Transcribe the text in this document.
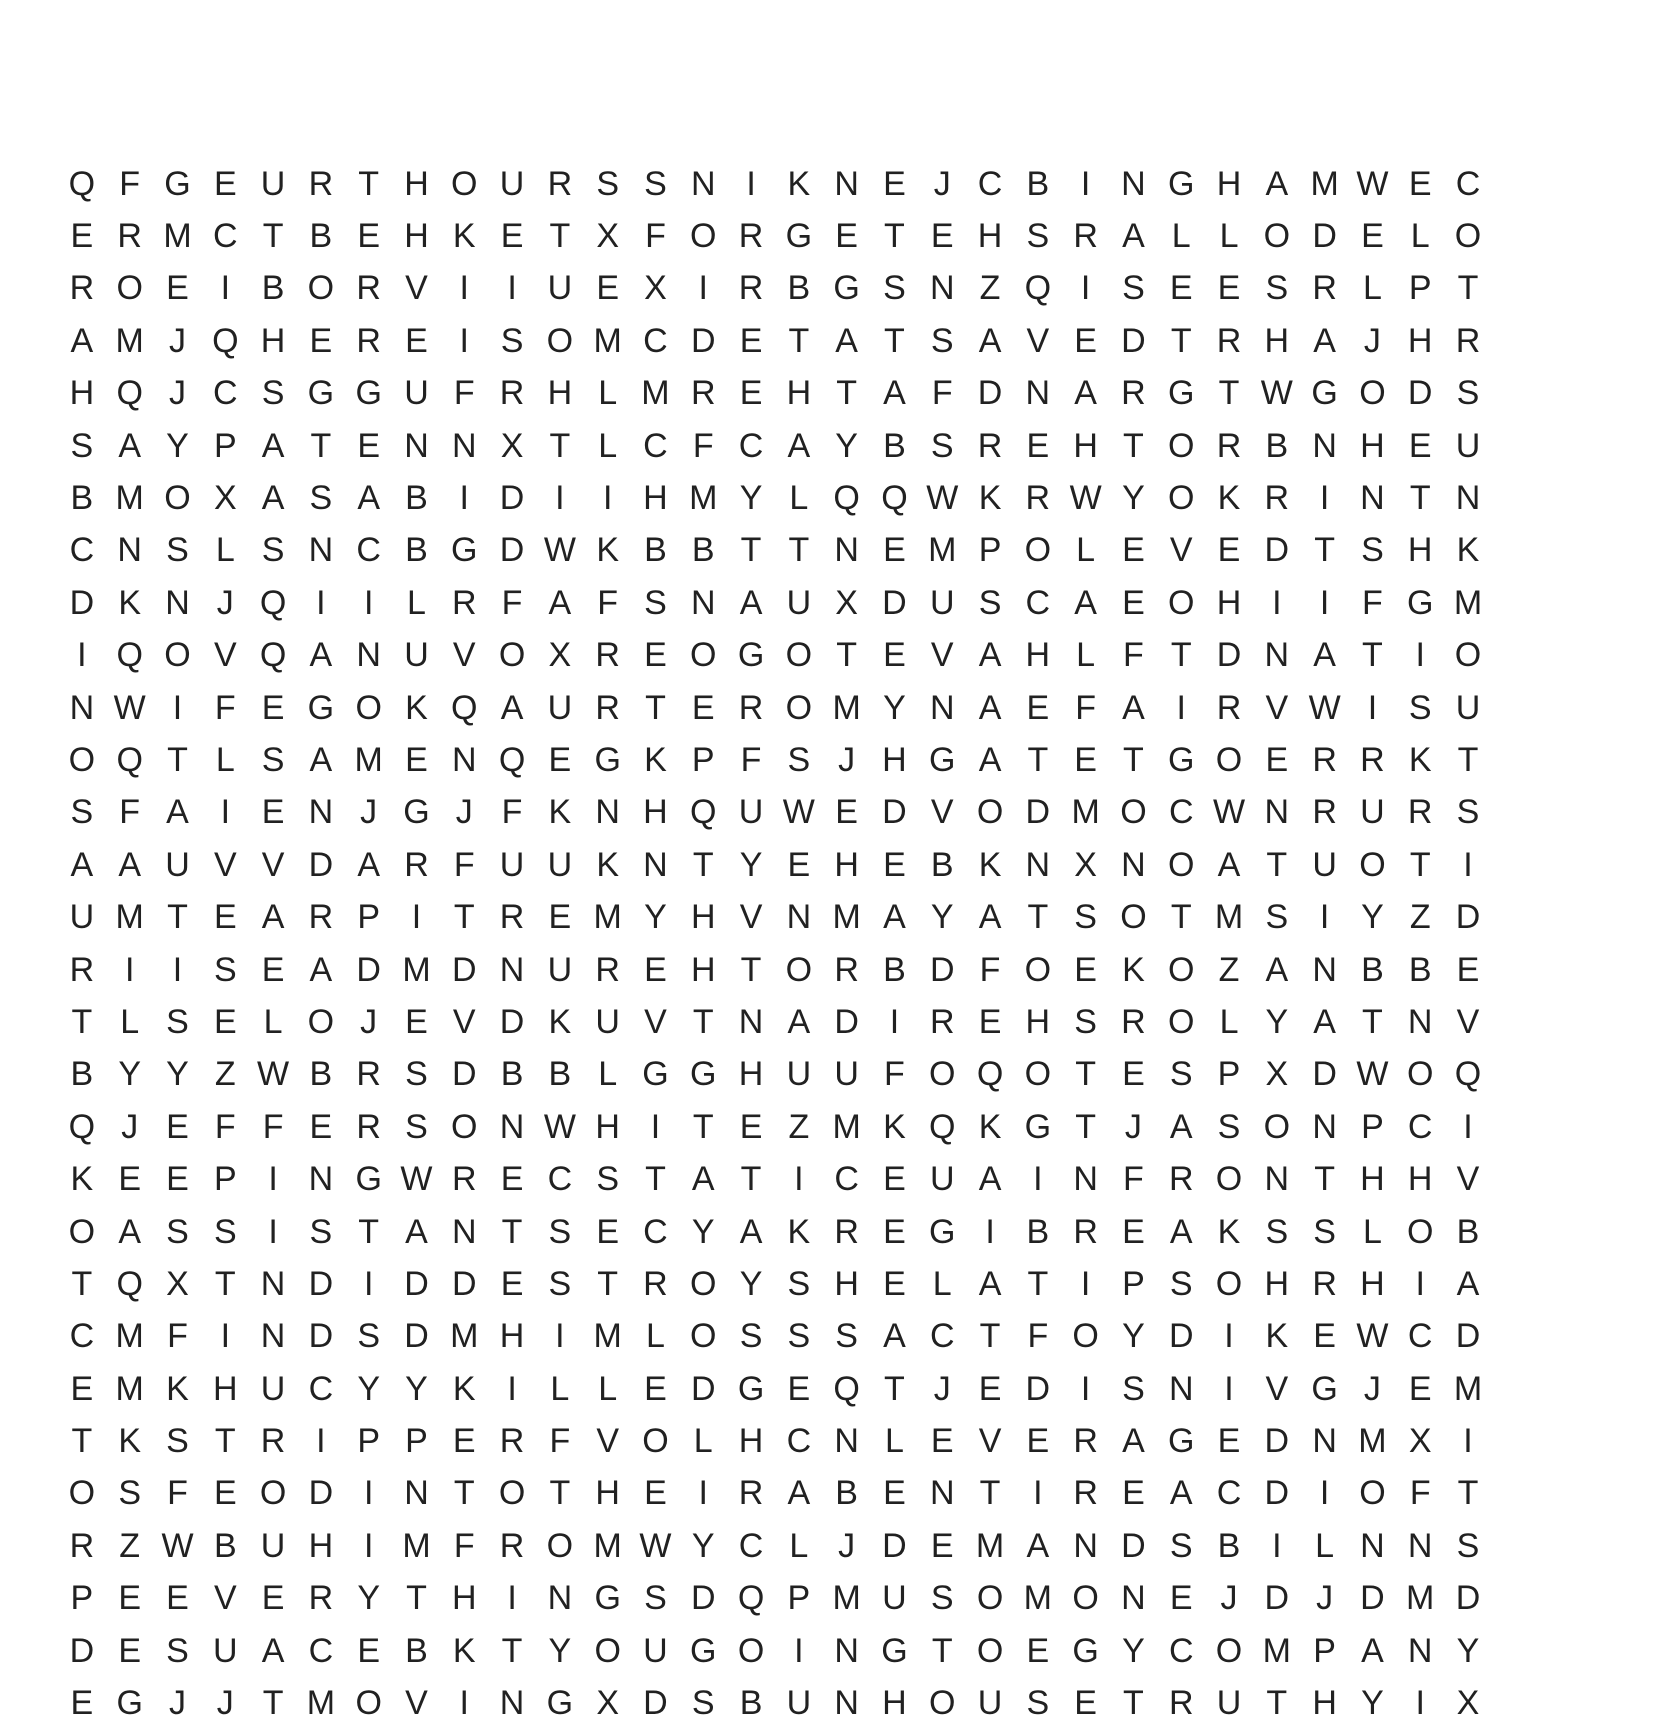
Q F G E U R T H O U R S S N I K N E J C B I N G H A M W E C
E R M C T B E H K E T X F O R G E T E H S R A L L O D E L O
R O E I B O R V I	I U E X I R B G S N Z Q I S E E S R L P T
A M J Q H E R E I S O M C D E T A T S A V E D T R H A J H R
H Q J C S G G U F R H L M R E H T A F D N A R G T W G O D S
S A Y P A T E N N X T L C F C A Y B S R E H T O R B N H E U
B M O X A S A B I D I	I H M Y L Q Q W K R W Y O K R I N T N
C N S L S N C B G D W K B B T T N E M P O L E V E D T S H K
D K N J Q I	I L R F A F S N A U X D U S C A E O H I	I F G M
I Q O V Q A N U V O X R E O G O T E V A H L F T D N A T I O
N W I F E G O K Q A U R T E R O M Y N A E F A I R V W I S U
O Q T L S A M E N Q E G K P F S J H G A T E T G O E R R K T
S F A I E N J G J F K N H Q U W E D V O D M O C W N R U R S
A A U V V D A R F U U K N T Y E H E B K N X N O A T U O T I
U M T E A R P I T R E M Y H V N M A Y A T S O T M S I Y Z D
R I	I S E A D M D N U R E H T O R B D F O E K O Z A N B B E
T L S E L O J E V D K U V T N A D I R E H S R O L Y A T N V
B Y Y Z W B R S D B B L G G H U U F O Q O T E S P X D W O Q
Q J E F F E R S O N W H I T E Z M K Q K G T J A S O N P C I
K E E P I N G W R E C S T A T I C E U A I N F R O N T H H V
O A S S I S T A N T S E C Y A K R E G I B R E A K S S L O B
T Q X T N D I D D E S T R O Y S H E L A T I P S O H R H I A
C M F I N D S D M H I M L O S S S A C T F O Y D I K E W C D
E M K H U C Y Y K I L L E D G E Q T J E D I S N I V G J E M
T K S T R I P P E R F V O L H C N L E V E R A G E D N M X I
O S F E O D I N T O T H E I R A B E N T I R E A C D I O F T
R Z W B U H I M F R O M W Y C L J D E M A N D S B I L N N S
P E E V E R Y T H I N G S D Q P M U S O M O N E J D J D M D
D E S U A C E B K T Y O U G O I N G T O E G Y C O M P A N Y
E G J J T M O V I N G X D S B U N H O U S E T R U T H Y I X
